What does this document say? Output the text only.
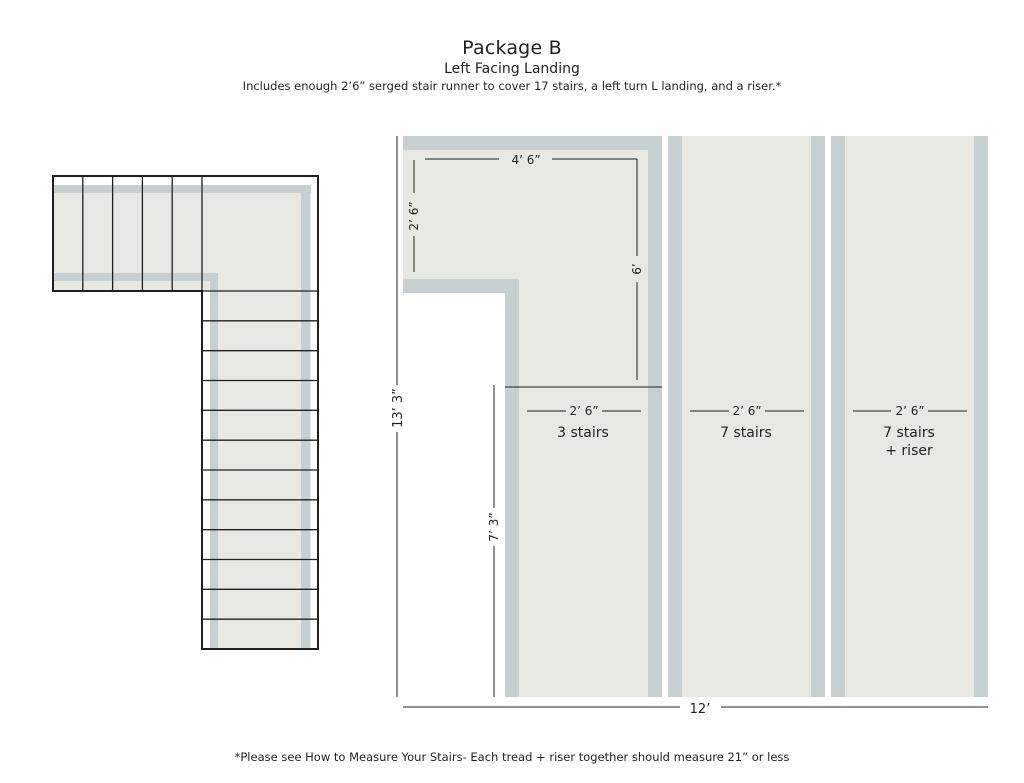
Package B
Left Facing Landing
Includes enough 2’6” serged stair runner to cover 17 stairs, a left turn L landing, and a riser.*
4’ 6”
2’ 6”
6’
13’ 3”
7’ 3”
12’
2’ 6”
3 stairs
2’ 6”
7 stairs
2’ 6”
7 stairs
+ riser
*Please see How to Measure Your Stairs- Each tread + riser together should measure 21” or less
